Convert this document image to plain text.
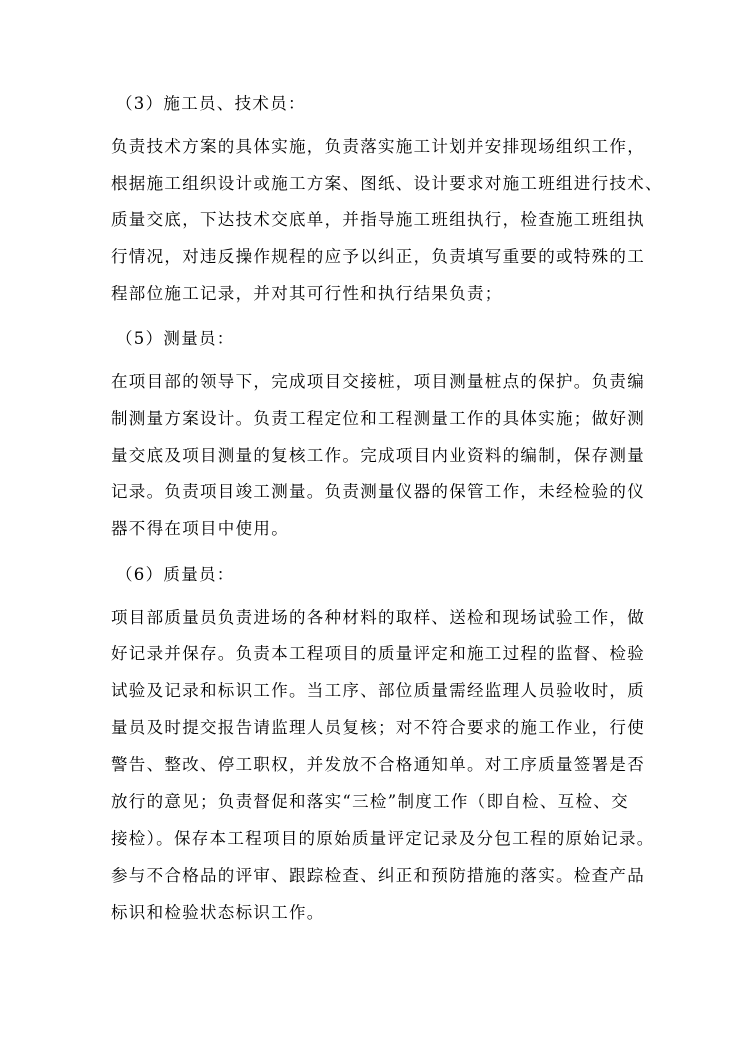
（3）施工员、技术员：
负责技术方案的具体实施，负责落实施工计划并安排现场组织工作，
根据施工组织设计或施工方案、图纸、设计要求对施工班组进行技术、
质量交底，下达技术交底单，并指导施工班组执行，检查施工班组执
行情况，对违反操作规程的应予以纠正，负责填写重要的或特殊的工
程部位施工记录，并对其可行性和执行结果负责；
（5）测量员：
在项目部的领导下，完成项目交接桩，项目测量桩点的保护。负责编
制测量方案设计。负责工程定位和工程测量工作的具体实施；做好测
量交底及项目测量的复核工作。完成项目内业资料的编制，保存测量
记录。负责项目竣工测量。负责测量仪器的保管工作，未经检验的仪
器不得在项目中使用。
（6）质量员：
项目部质量员负责进场的各种材料的取样、送检和现场试验工作，做
好记录并保存。负责本工程项目的质量评定和施工过程的监督、检验
试验及记录和标识工作。当工序、部位质量需经监理人员验收时，质
量员及时提交报告请监理人员复核；对不符合要求的施工作业，行使
警告、整改、停工职权，并发放不合格通知单。对工序质量签署是否
放行的意见；负责督促和落实“三检”制度工作（即自检、互检、交
接检）。保存本工程项目的原始质量评定记录及分包工程的原始记录。
参与不合格品的评审、跟踪检查、纠正和预防措施的落实。检查产品
标识和检验状态标识工作。
